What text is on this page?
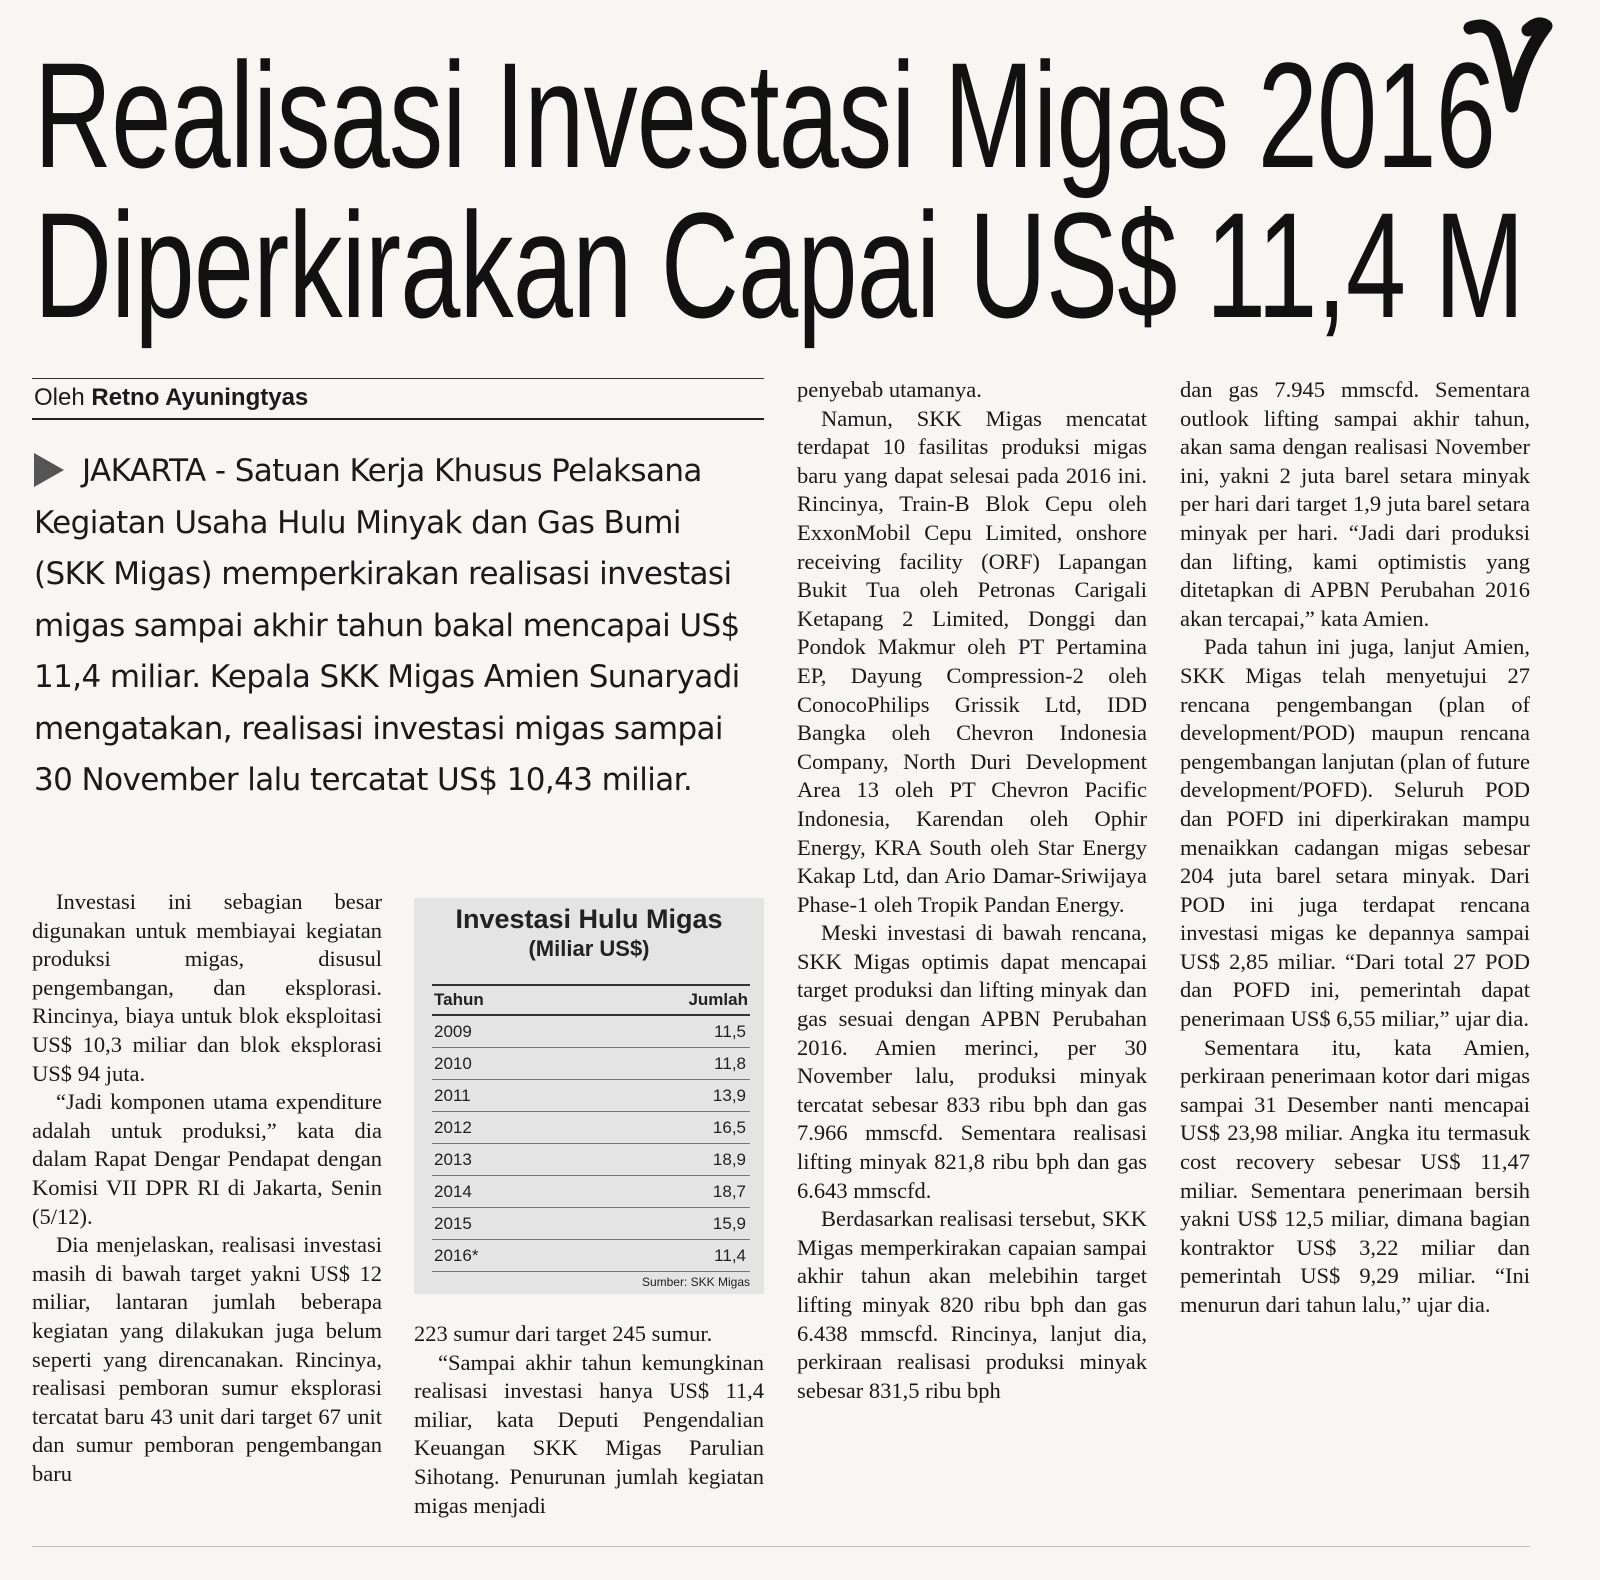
Realisasi Investasi Migas 2016
Diperkirakan Capai US$ 11,4 M
Oleh Retno Ayuningtyas

JAKARTA - Satuan Kerja Khusus Pelaksana Kegiatan Usaha Hulu Minyak dan Gas Bumi (SKK Migas) memperkirakan realisasi investasi migas sampai akhir tahun bakal mencapai US$ 11,4 miliar. Kepala SKK Migas Amien Sunaryadi mengatakan, realisasi investasi migas sampai 30 November lalu tercatat US$ 10,43 miliar.

Investasi ini sebagian besar digunakan untuk membiayai kegiatan produksi migas, disusul pengembangan, dan eksplorasi. Rincinya, biaya untuk blok eksploitasi US$ 10,3 miliar dan blok eksplorasi US$ 94 juta.

“Jadi komponen utama expenditure adalah untuk produksi,” kata dia dalam Rapat Dengar Pendapat dengan Komisi VII DPR RI di Jakarta, Senin (5/12).

Dia menjelaskan, realisasi investasi masih di bawah target yakni US$ 12 miliar, lantaran jumlah beberapa kegiatan yang dilakukan juga belum seperti yang direncanakan. Rincinya, realisasi pemboran sumur eksplorasi tercatat baru 43 unit dari target 67 unit dan sumur pemboran pengembangan baru

Investasi Hulu Migas
(Miliar US$)
Tahun	Jumlah
2009	11,5
2010	11,8
2011	13,9
2012	16,5
2013	18,9
2014	18,7
2015	15,9
2016*	11,4
Sumber: SKK Migas

223 sumur dari target 245 sumur.

“Sampai akhir tahun kemungkinan realisasi investasi hanya US$ 11,4 miliar, kata Deputi Pengendalian Keuangan SKK Migas Parulian Sihotang. Penurunan jumlah kegiatan migas menjadi

penyebab utamanya.

Namun, SKK Migas mencatat terdapat 10 fasilitas produksi migas baru yang dapat selesai pada 2016 ini. Rincinya, Train-B Blok Cepu oleh ExxonMobil Cepu Limited, onshore receiving facility (ORF) Lapangan Bukit Tua oleh Petronas Carigali Ketapang 2 Limited, Donggi dan Pondok Makmur oleh PT Pertamina EP, Dayung Compression-2 oleh ConocoPhilips Grissik Ltd, IDD Bangka oleh Chevron Indonesia Company, North Duri Development Area 13 oleh PT Chevron Pacific Indonesia, Karendan oleh Ophir Energy, KRA South oleh Star Energy Kakap Ltd, dan Ario Damar-Sriwijaya Phase-1 oleh Tropik Pandan Energy.

Meski investasi di bawah rencana, SKK Migas optimis dapat mencapai target produksi dan lifting minyak dan gas sesuai dengan APBN Perubahan 2016. Amien merinci, per 30 November lalu, produksi minyak tercatat sebesar 833 ribu bph dan gas 7.966 mmscfd. Sementara realisasi lifting minyak 821,8 ribu bph dan gas 6.643 mmscfd.

Berdasarkan realisasi tersebut, SKK Migas memperkirakan capaian sampai akhir tahun akan melebihin target lifting minyak 820 ribu bph dan gas 6.438 mmscfd. Rincinya, lanjut dia, perkiraan realisasi produksi minyak sebesar 831,5 ribu bph

dan gas 7.945 mmscfd. Sementara outlook lifting sampai akhir tahun, akan sama dengan realisasi November ini, yakni 2 juta barel setara minyak per hari dari target 1,9 juta barel setara minyak per hari. “Jadi dari produksi dan lifting, kami optimistis yang ditetapkan di APBN Perubahan 2016 akan tercapai,” kata Amien.

Pada tahun ini juga, lanjut Amien, SKK Migas telah menyetujui 27 rencana pengembangan (plan of development/POD) maupun rencana pengembangan lanjutan (plan of future development/POFD). Seluruh POD dan POFD ini diperkirakan mampu menaikkan cadangan migas sebesar 204 juta barel setara minyak. Dari POD ini juga terdapat rencana investasi migas ke depannya sampai US$ 2,85 miliar. “Dari total 27 POD dan POFD ini, pemerintah dapat penerimaan US$ 6,55 miliar,” ujar dia.

Sementara itu, kata Amien, perkiraan penerimaan kotor dari migas sampai 31 Desember nanti mencapai US$ 23,98 miliar. Angka itu termasuk cost recovery sebesar US$ 11,47 miliar. Sementara penerimaan bersih yakni US$ 12,5 miliar, dimana bagian kontraktor US$ 3,22 miliar dan pemerintah US$ 9,29 miliar. “Ini menurun dari tahun lalu,” ujar dia.
